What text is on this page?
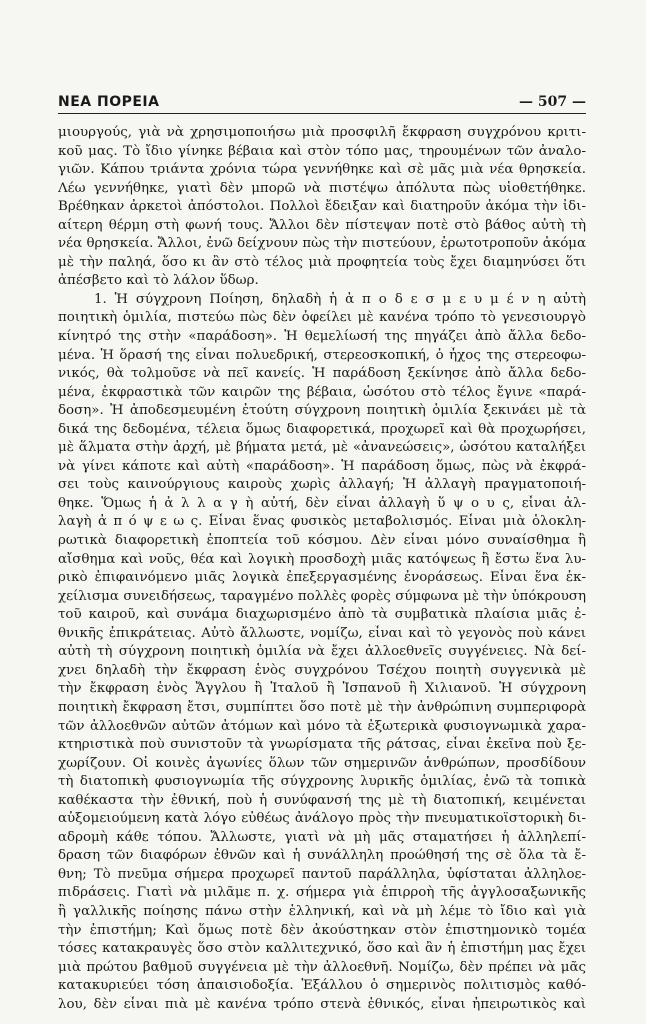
ΝΕΑ ΠΟΡΕΙΑ	— 507 —
μιουργούς, γιὰ νὰ χρησιμοποιήσω μιὰ προσφιλῆ ἔκφραση συγχρόνου κριτι-
κοῦ μας. Τὸ ἴδιο γίνηκε βέβαια καὶ στὸν τόπο μας, τηρουμένων τῶν ἀναλο-
γιῶν. Κάπου τριάντα χρόνια τώρα γεννήθηκε καὶ σὲ μᾶς μιὰ νέα θρησκεία.
Λέω γεννήθηκε, γιατὶ δὲν μπορῶ νὰ πιστέψω ἀπόλυτα πὼς υἱοθετήθηκε.
Βρέθηκαν ἀρκετοὶ ἀπόστολοι. Πολλοὶ ἔδειξαν καὶ διατηροῦν ἀκόμα τὴν ἰδι-
αίτερη θέρμη στὴ φωνή τους. Ἄλλοι δὲν πίστεψαν ποτὲ στὸ βάθος αὐτὴ τὴ
νέα θρησκεία. Ἄλλοι, ἐνῶ δείχνουν πὼς τὴν πιστεύουν, ἐρωτοτροποῦν ἀκόμα
μὲ τὴν παληά, ὅσο κι ἂν στὸ τέλος μιὰ προφητεία τοὺς ἔχει διαμηνύσει ὅτι
ἀπέσβετο καὶ τὸ λάλον ὕδωρ.
1. Ἡ σύγχρονη Ποίηση, δηλαδὴ ἡ ἀ π ο δ ε σ μ ε υ μ έ ν η αὐτὴ
ποιητικὴ ὁμιλία, πιστεύω πὼς δὲν ὀφείλει μὲ κανένα τρόπο τὸ γενεσιουργὸ
κίνητρό της στὴν «παράδοση». Ἡ θεμελίωσή της πηγάζει ἀπὸ ἄλλα δεδο-
μένα. Ἡ ὅρασή της εἶναι πολυεδρική, στερεοσκοπική, ὁ ἦχος της στερεοφω-
νικός, θὰ τολμοῦσε νὰ πεῖ κανείς. Ἡ παράδοση ξεκίνησε ἀπὸ ἄλλα δεδο-
μένα, ἐκφραστικὰ τῶν καιρῶν της βέβαια, ὡσότου στὸ τέλος ἔγινε «παρά-
δοση». Ἡ ἀποδεσμευμένη ἐτούτη σύγχρονη ποιητικὴ ὁμιλία ξεκινάει μὲ τὰ
δικά της δεδομένα, τέλεια ὅμως διαφορετικά, προχωρεῖ καὶ θὰ προχωρήσει,
μὲ ἅλματα στὴν ἀρχή, μὲ βήματα μετά, μὲ «ἀνανεώσεις», ὡσότου καταλήξει
νὰ γίνει κάποτε καὶ αὐτὴ «παράδοση». Ἡ παράδοση ὅμως, πὼς νὰ ἐκφρά-
σει τοὺς καινούργιους καιροὺς χωρὶς ἀλλαγή; Ἡ ἀλλαγὴ πραγματοποιή-
θηκε. Ὅμως ἡ ἀ λ λ α γ ὴ αὐτή, δὲν εἶναι ἀλλαγὴ ὕ ψ ο υ ς, εἶναι ἀλ-
λαγὴ ἀ π ό ψ ε ω ς. Εἶναι ἕνας φυσικὸς μεταβολισμός. Εἶναι μιὰ ὁλοκλη-
ρωτικὰ διαφορετικὴ ἐποπτεία τοῦ κόσμου. Δὲν εἶναι μόνο συναίσθημα ἢ
αἴσθημα καὶ νοῦς, θέα καὶ λογικὴ προσδοχὴ μιᾶς κατόψεως ἢ ἔστω ἕνα λυ-
ρικὸ ἐπιφαινόμενο μιᾶς λογικὰ ἐπεξεργασμένης ἐνοράσεως. Εἶναι ἕνα ἐκ-
χείλισμα συνειδήσεως, ταραγμένο πολλὲς φορὲς σύμφωνα μὲ τὴν ὑπόκρουση
τοῦ καιροῦ, καὶ συνάμα διαχωρισμένο ἀπὸ τὰ συμβατικὰ πλαίσια μιᾶς ἐ-
θνικῆς ἐπικράτειας. Αὐτὸ ἄλλωστε, νομίζω, εἶναι καὶ τὸ γεγονὸς ποὺ κάνει
αὐτὴ τὴ σύγχρονη ποιητικὴ ὁμιλία νὰ ἔχει ἀλλοεθνεῖς συγγένειες. Νὰ δεί-
χνει δηλαδὴ τὴν ἔκφραση ἑνὸς συγχρόνου Τσέχου ποιητὴ συγγενικὰ μὲ
τὴν ἔκφραση ἑνὸς Ἄγγλου ἢ Ἰταλοῦ ἢ Ἱσπανοῦ ἢ Χιλιανοῦ. Ἡ σύγχρονη
ποιητικὴ ἔκφραση ἔτσι, συμπίπτει ὅσο ποτὲ μὲ τὴν ἀνθρώπινη συμπεριφορὰ
τῶν ἀλλοεθνῶν αὐτῶν ἀτόμων καὶ μόνο τὰ ἐξωτερικὰ φυσιογνωμικὰ χαρα-
κτηριστικὰ ποὺ συνιστοῦν τὰ γνωρίσματα τῆς ράτσας, εἶναι ἐκεῖνα ποὺ ξε-
χωρίζουν. Οἱ κοινὲς ἀγωνίες ὅλων τῶν σημερινῶν ἀνθρώπων, προσδίδουν
τὴ διατοπικὴ φυσιογνωμία τῆς σύγχρονης λυρικῆς ὁμιλίας, ἐνῶ τὰ τοπικὰ
καθέκαστα τὴν ἐθνική, ποὺ ἡ συνύφανσή της μὲ τὴ διατοπική, κειμένεται
αὐξομειούμενη κατὰ λόγο εὐθέως ἀνάλογο πρὸς τὴν πνευματικοϊστορικὴ δι-
αδρομὴ κάθε τόπου. Ἄλλωστε, γιατὶ νὰ μὴ μᾶς σταματήσει ἡ ἀλληλεπί-
δραση τῶν διαφόρων ἐθνῶν καὶ ἡ συνάλληλη προώθησή της σὲ ὅλα τὰ ἔ-
θνη; Τὸ πνεῦμα σήμερα προχωρεῖ παντοῦ παράλληλα, ὑφίσταται ἀλληλοε-
πιδράσεις. Γιατὶ νὰ μιλᾶμε π. χ. σήμερα γιὰ ἐπιρροὴ τῆς ἀγγλοσαξωνικῆς
ἢ γαλλικῆς ποίησης πάνω στὴν ἑλληνική, καὶ νὰ μὴ λέμε τὸ ἴδιο καὶ γιὰ
τὴν ἐπιστήμη; Καὶ ὅμως ποτὲ δὲν ἀκούστηκαν στὸν ἐπιστημονικὸ τομέα
τόσες κατακραυγὲς ὅσο στὸν καλλιτεχνικό, ὅσο καὶ ἂν ἡ ἐπιστήμη μας ἔχει
μιὰ πρώτου βαθμοῦ συγγένεια μὲ τὴν ἀλλοεθνῆ. Νομίζω, δὲν πρέπει νὰ μᾶς
κατακυριεύει τόση ἀπαισιοδοξία. Ἐξάλλου ὁ σημερινὸς πολιτισμὸς καθό-
λου, δὲν εἶναι πιὰ μὲ κανένα τρόπο στενὰ ἐθνικός, εἶναι ἠπειρωτικὸς καὶ
